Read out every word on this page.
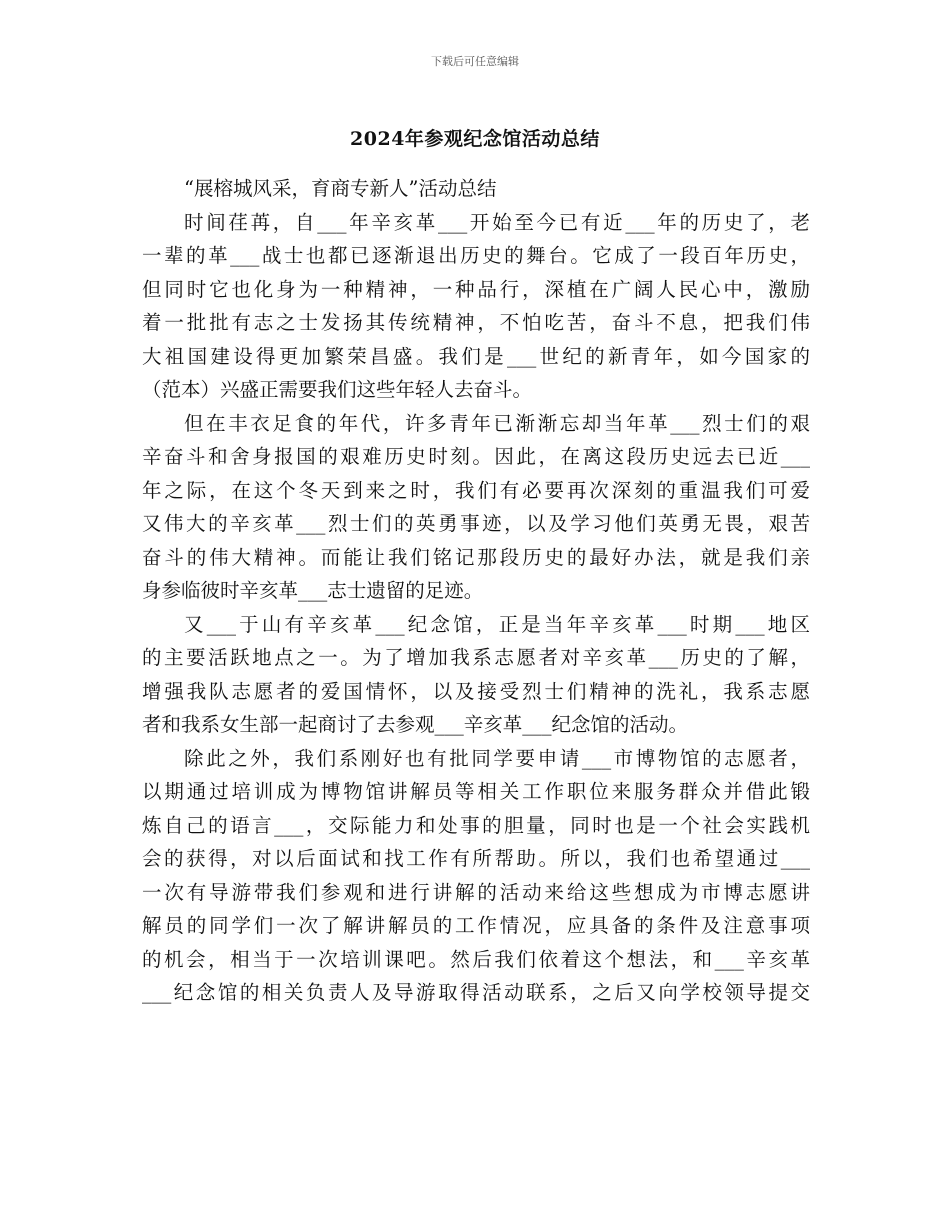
下载后可任意编辑
2024年参观纪念馆活动总结
“展榕城风采，育商专新人”活动总结
时间荏苒，自___年辛亥革___开始至今已有近___年的历史了，老
一辈的革___战士也都已逐渐退出历史的舞台。它成了一段百年历史，
但同时它也化身为一种精神，一种品行，深植在广阔人民心中，激励
着一批批有志之士发扬其传统精神，不怕吃苦，奋斗不息，把我们伟
大祖国建设得更加繁荣昌盛。我们是___世纪的新青年，如今国家的
（范本）兴盛正需要我们这些年轻人去奋斗。
但在丰衣足食的年代，许多青年已渐渐忘却当年革___烈士们的艰
辛奋斗和舍身报国的艰难历史时刻。因此，在离这段历史远去已近___
年之际，在这个冬天到来之时，我们有必要再次深刻的重温我们可爱
又伟大的辛亥革___烈士们的英勇事迹，以及学习他们英勇无畏，艰苦
奋斗的伟大精神。而能让我们铭记那段历史的最好办法，就是我们亲
身参临彼时辛亥革___志士遗留的足迹。
又___于山有辛亥革___纪念馆，正是当年辛亥革___时期___地区
的主要活跃地点之一。为了增加我系志愿者对辛亥革___历史的了解，
增强我队志愿者的爱国情怀，以及接受烈士们精神的洗礼，我系志愿
者和我系女生部一起商讨了去参观___辛亥革___纪念馆的活动。
除此之外，我们系刚好也有批同学要申请___市博物馆的志愿者，
以期通过培训成为博物馆讲解员等相关工作职位来服务群众并借此锻
炼自己的语言___，交际能力和处事的胆量，同时也是一个社会实践机
会的获得，对以后面试和找工作有所帮助。所以，我们也希望通过___
一次有导游带我们参观和进行讲解的活动来给这些想成为市博志愿讲
解员的同学们一次了解讲解员的工作情况，应具备的条件及注意事项
的机会，相当于一次培训课吧。然后我们依着这个想法，和___辛亥革
___纪念馆的相关负责人及导游取得活动联系，之后又向学校领导提交
